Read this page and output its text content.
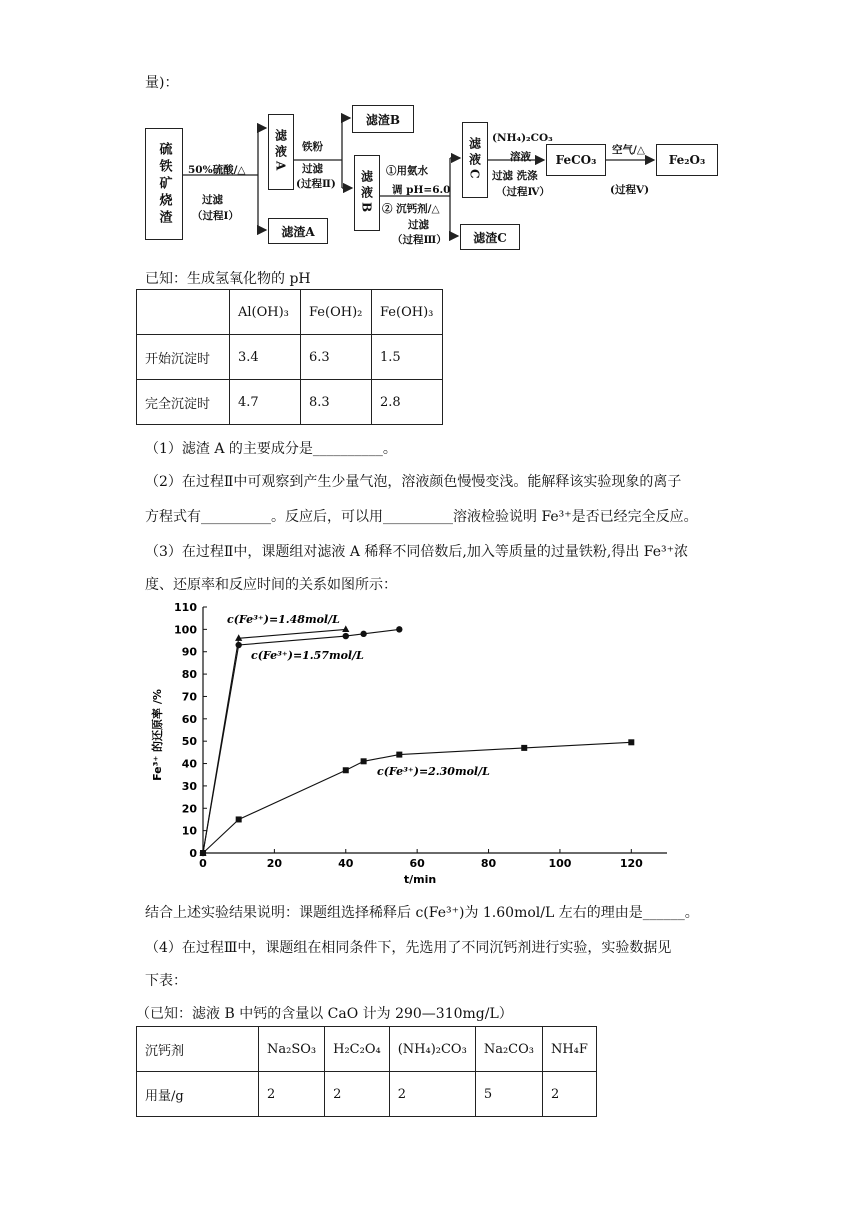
量)：
硫铁矿烧渣	50%硫酸/△
过滤
（过程Ⅰ）
滤液A
滤渣A
铁粉
过滤
(过程Ⅱ)
滤渣B
滤液B	①用氨水
调 pH=6.0
② 沉钙剂/△
过滤
（过程Ⅲ）	滤渣C
滤液C	(NH₄)₂CO₃
溶液
过滤 洗涤
（过程Ⅳ）
FeCO₃
空气/△
(过程Ⅴ)
Fe₂O₃
已知：生成氢氧化物的 pH
	Al(OH)₃	Fe(OH)₂	Fe(OH)₃
开始沉淀时	3.4	6.3	1.5
完全沉淀时	4.7	8.3	2.8
（1）滤渣 A 的主要成分是__________。
（2）在过程Ⅱ中可观察到产生少量气泡，溶液颜色慢慢变浅。能解释该实验现象的离子
方程式有__________。反应后，可以用__________溶液检验说明 Fe³⁺是否已经完全反应。
（3）在过程Ⅱ中，课题组对滤液 A 稀释不同倍数后,加入等质量的过量铁粉,得出 Fe³⁺浓
度、还原率和反应时间的关系如图所示：
0	20	40	60	80	100	120
0
10
20
30
40
50
60
70
80
90
100
110
t/min
Fe³⁺ 的还原率 /%
c(Fe³⁺)=1.48mol/L
c(Fe³⁺)=1.57mol/L
c(Fe³⁺)=2.30mol/L
结合上述实验结果说明：课题组选择稀释后 c(Fe³⁺)为 1.60mol/L 左右的理由是______。
（4）在过程Ⅲ中，课题组在相同条件下，先选用了不同沉钙剂进行实验，实验数据见
下表：
（已知：滤液 B 中钙的含量以 CaO 计为 290—310mg/L）
沉钙剂	Na₂SO₃	H₂C₂O₄	(NH₄)₂CO₃	Na₂CO₃	NH₄F
用量/g	2	2	2	5	2
